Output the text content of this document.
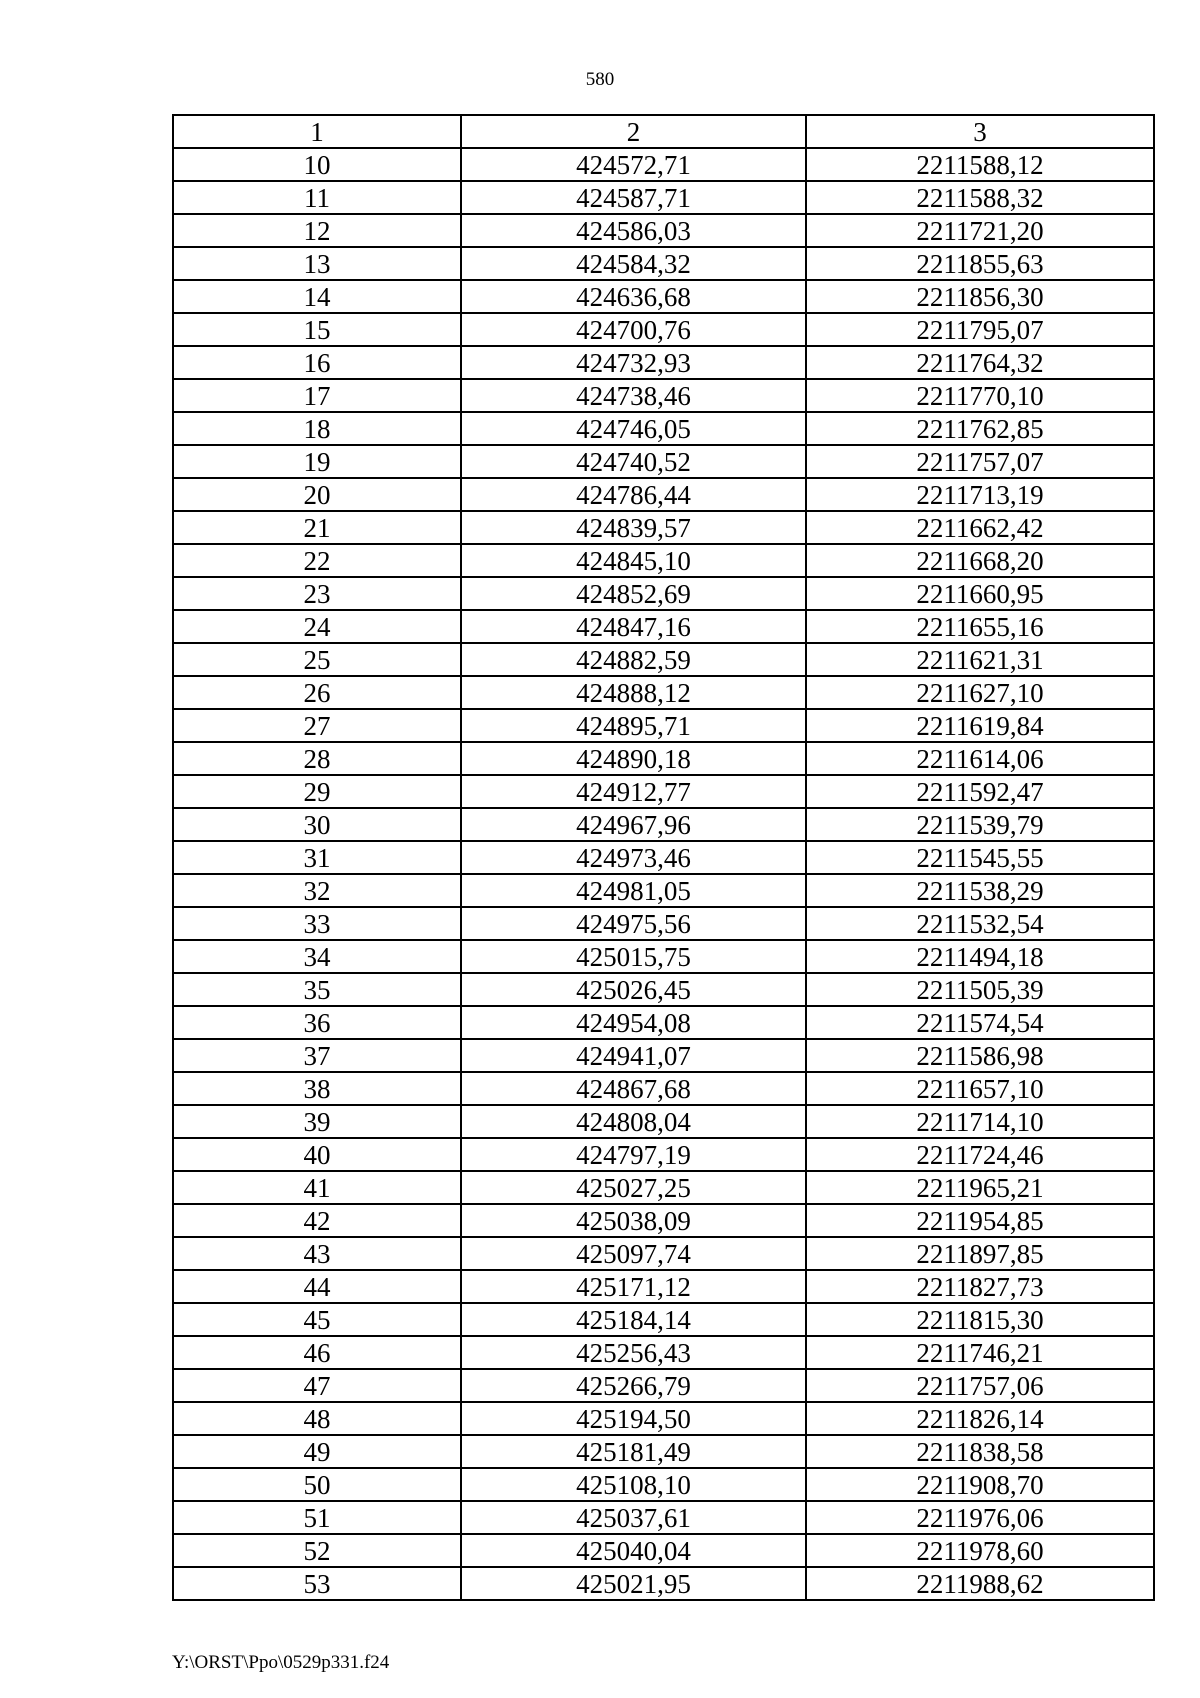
580
1	2	3
10	424572,71	2211588,12
11	424587,71	2211588,32
12	424586,03	2211721,20
13	424584,32	2211855,63
14	424636,68	2211856,30
15	424700,76	2211795,07
16	424732,93	2211764,32
17	424738,46	2211770,10
18	424746,05	2211762,85
19	424740,52	2211757,07
20	424786,44	2211713,19
21	424839,57	2211662,42
22	424845,10	2211668,20
23	424852,69	2211660,95
24	424847,16	2211655,16
25	424882,59	2211621,31
26	424888,12	2211627,10
27	424895,71	2211619,84
28	424890,18	2211614,06
29	424912,77	2211592,47
30	424967,96	2211539,79
31	424973,46	2211545,55
32	424981,05	2211538,29
33	424975,56	2211532,54
34	425015,75	2211494,18
35	425026,45	2211505,39
36	424954,08	2211574,54
37	424941,07	2211586,98
38	424867,68	2211657,10
39	424808,04	2211714,10
40	424797,19	2211724,46
41	425027,25	2211965,21
42	425038,09	2211954,85
43	425097,74	2211897,85
44	425171,12	2211827,73
45	425184,14	2211815,30
46	425256,43	2211746,21
47	425266,79	2211757,06
48	425194,50	2211826,14
49	425181,49	2211838,58
50	425108,10	2211908,70
51	425037,61	2211976,06
52	425040,04	2211978,60
53	425021,95	2211988,62
Y:\ORST\Ppo\0529p331.f24
